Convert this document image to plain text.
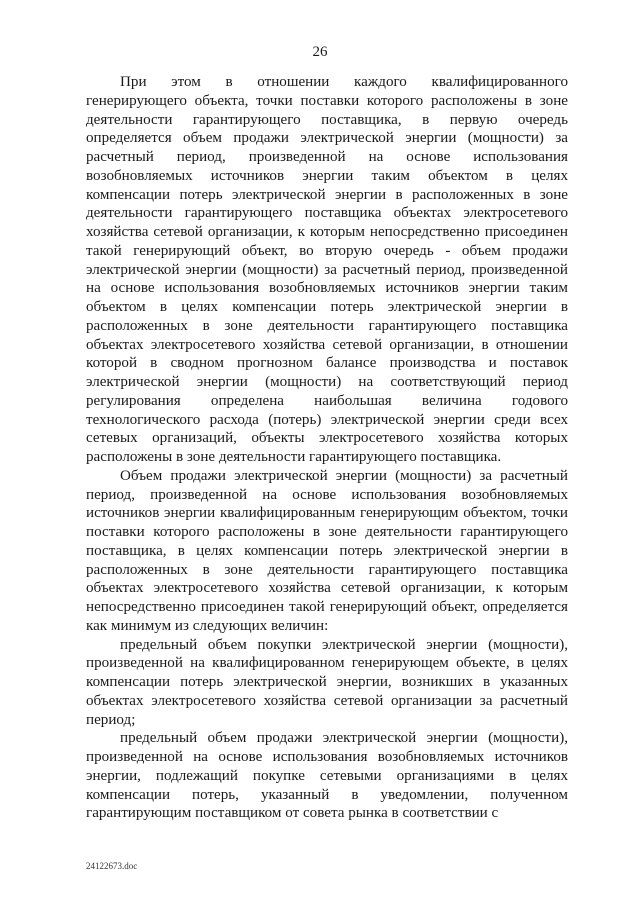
26

При этом в отношении каждого квалифицированного генерирующего объекта, точки поставки которого расположены в зоне деятельности гарантирующего поставщика, в первую очередь определяется объем продажи электрической энергии (мощности) за расчетный период, произведенной на основе использования возобновляемых источников энергии таким объектом в целях компенсации потерь электрической энергии в расположенных в зоне деятельности гарантирующего поставщика объектах электросетевого хозяйства сетевой организации, к которым непосредственно присоединен такой генерирующий объект, во вторую очередь - объем продажи электрической энергии (мощности) за расчетный период, произведенной на основе использования возобновляемых источников энергии таким объектом в целях компенсации потерь электрической энергии в расположенных в зоне деятельности гарантирующего поставщика объектах электросетевого хозяйства сетевой организации, в отношении которой в сводном прогнозном балансе производства и поставок электрической энергии (мощности) на соответствующий период регулирования определена наибольшая величина годового технологического расхода (потерь) электрической энергии среди всех сетевых организаций, объекты электросетевого хозяйства которых расположены в зоне деятельности гарантирующего поставщика.

Объем продажи электрической энергии (мощности) за расчетный период, произведенной на основе использования возобновляемых источников энергии квалифицированным генерирующим объектом, точки поставки которого расположены в зоне деятельности гарантирующего поставщика, в целях компенсации потерь электрической энергии в расположенных в зоне деятельности гарантирующего поставщика объектах электросетевого хозяйства сетевой организации, к которым непосредственно присоединен такой генерирующий объект, определяется как минимум из следующих величин:

предельный объем покупки электрической энергии (мощности), произведенной на квалифицированном генерирующем объекте, в целях компенсации потерь электрической энергии, возникших в указанных объектах электросетевого хозяйства сетевой организации за расчетный период;

предельный объем продажи электрической энергии (мощности), произведенной на основе использования возобновляемых источников энергии, подлежащий покупке сетевыми организациями в целях компенсации потерь, указанный в уведомлении, полученном гарантирующим поставщиком от совета рынка в соответствии с

24122673.doc
